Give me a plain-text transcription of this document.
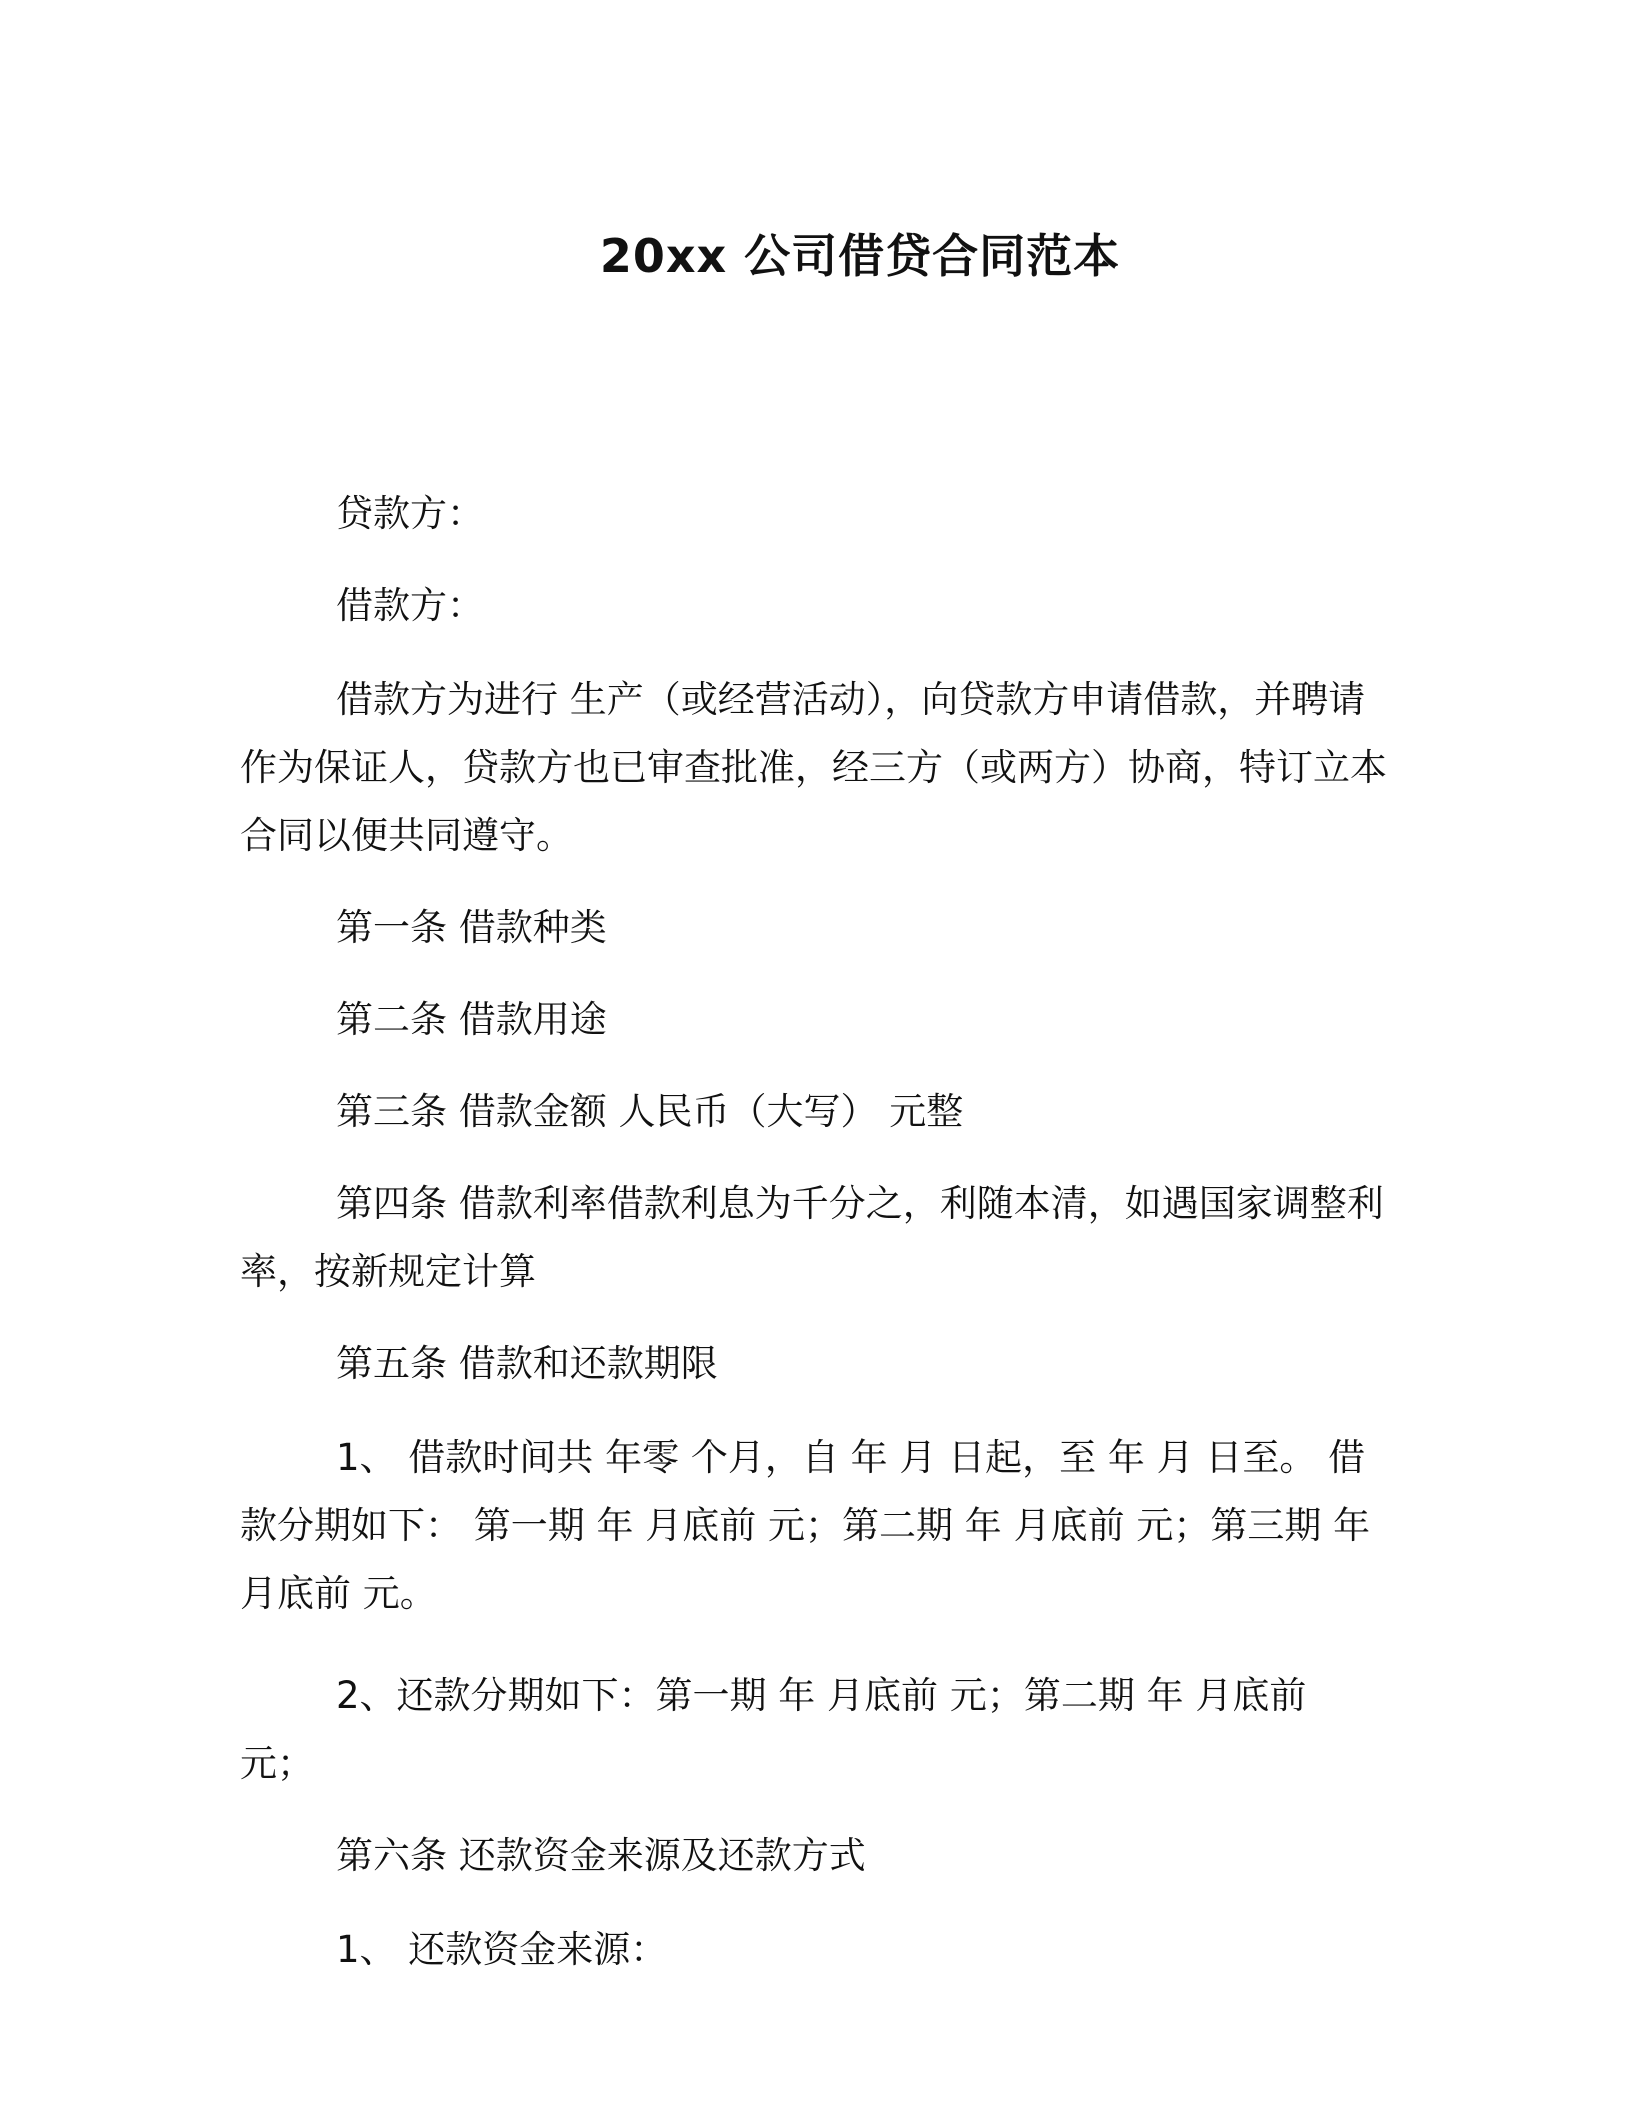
20xx 公司借贷合同范本

贷款方：

借款方：

借款方为进行 生产（或经营活动），向贷款方申请借款，并聘请 作为保证人，贷款方也已审查批准，经三方（或两方）协商，特订立本合同以便共同遵守。

第一条 借款种类

第二条 借款用途

第三条 借款金额 人民币（大写） 元整

第四条 借款利率借款利息为千分之，利随本清，如遇国家调整利率，按新规定计算

第五条 借款和还款期限

1、 借款时间共 年零 个月，自 年 月 日起，至 年 月 日至。 借款分期如下： 第一期 年 月底前 元；第二期 年 月底前 元；第三期 年 月底前 元。

2、还款分期如下：第一期 年 月底前 元；第二期 年 月底前 元；

第六条 还款资金来源及还款方式

1、 还款资金来源：
